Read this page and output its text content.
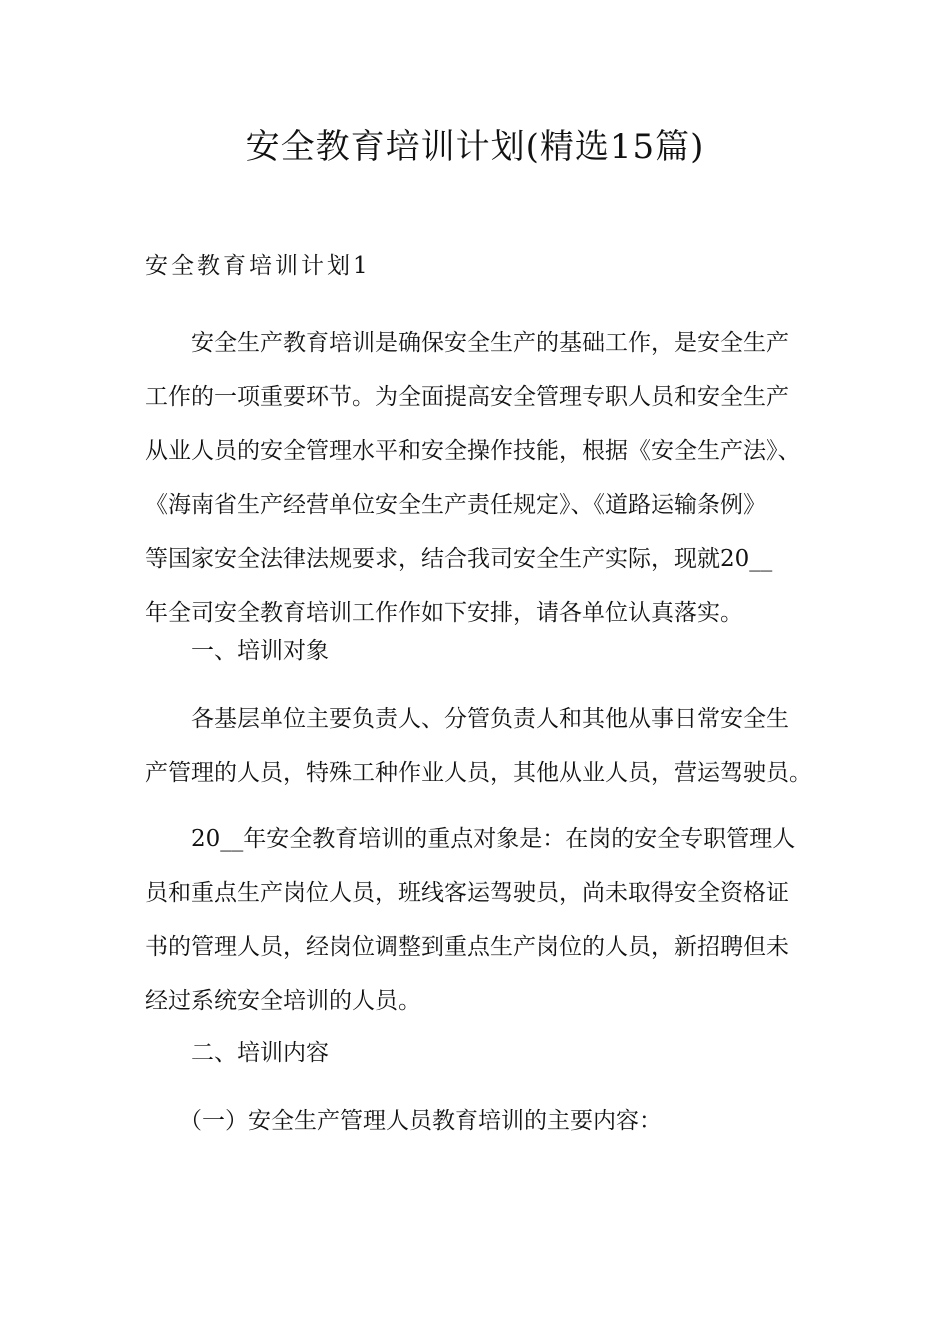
安全教育培训计划(精选15篇)
安全教育培训计划1

安全生产教育培训是确保安全生产的基础工作，是安全生产
工作的一项重要环节。为全面提高安全管理专职人员和安全生产
从业人员的安全管理水平和安全操作技能，根据《安全生产法》、
《海南省生产经营单位安全生产责任规定》、《道路运输条例》
等国家安全法律法规要求，结合我司安全生产实际，现就20__
年全司安全教育培训工作作如下安排，请各单位认真落实。

一、培训对象

各基层单位主要负责人、分管负责人和其他从事日常安全生
产管理的人员，特殊工种作业人员，其他从业人员，营运驾驶员。

20__年安全教育培训的重点对象是：在岗的安全专职管理人
员和重点生产岗位人员，班线客运驾驶员，尚未取得安全资格证
书的管理人员，经岗位调整到重点生产岗位的人员，新招聘但未
经过系统安全培训的人员。

二、培训内容

（一）安全生产管理人员教育培训的主要内容：
